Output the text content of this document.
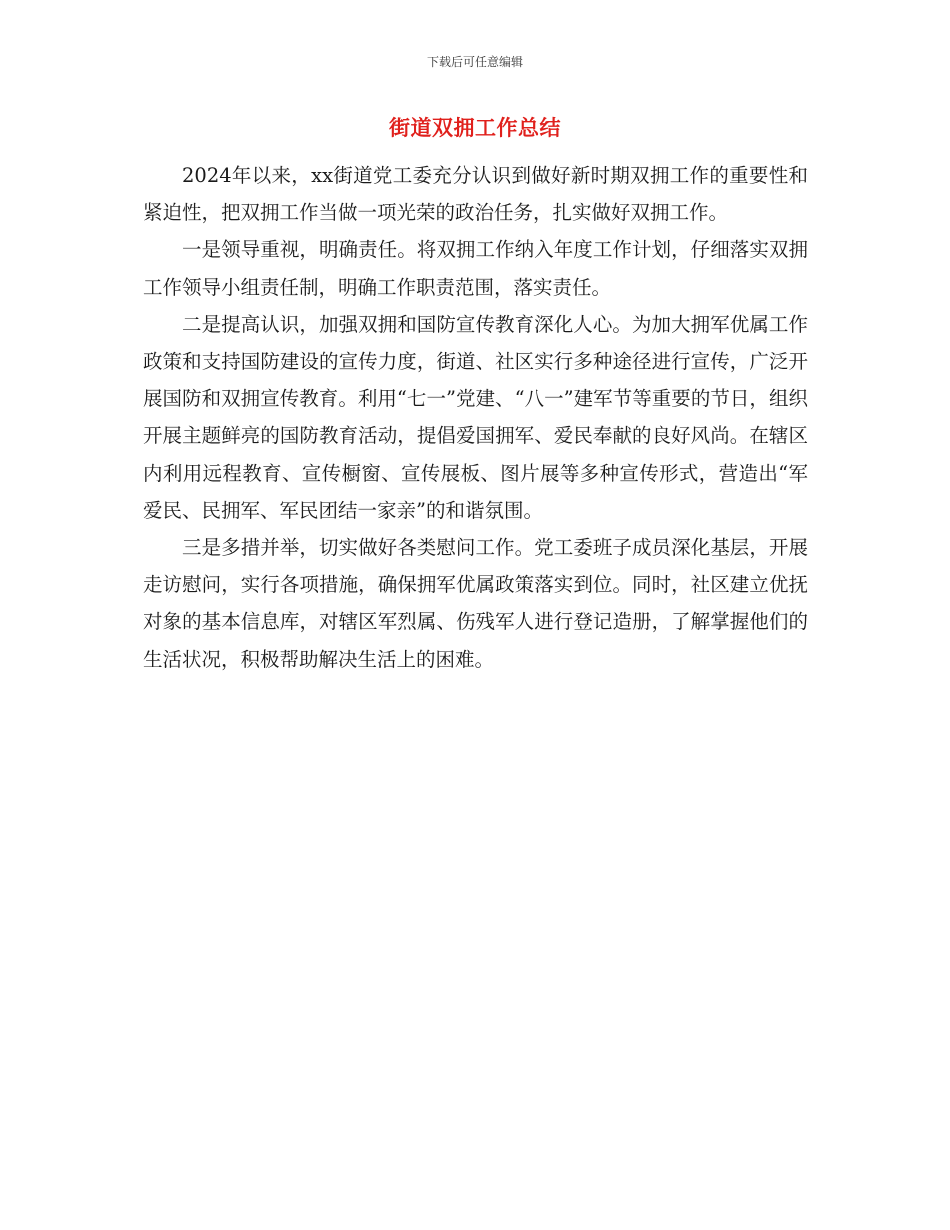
下载后可任意编辑
街道双拥工作总结

2024年以来，xx街道党工委充分认识到做好新时期双拥工作的重要性和紧迫性，把双拥工作当做一项光荣的政治任务，扎实做好双拥工作。

一是领导重视，明确责任。将双拥工作纳入年度工作计划，仔细落实双拥工作领导小组责任制，明确工作职责范围，落实责任。

二是提高认识，加强双拥和国防宣传教育深化人心。为加大拥军优属工作政策和支持国防建设的宣传力度，街道、社区实行多种途径进行宣传，广泛开展国防和双拥宣传教育。利用“七一”党建、“八一”建军节等重要的节日，组织开展主题鲜亮的国防教育活动，提倡爱国拥军、爱民奉献的良好风尚。在辖区内利用远程教育、宣传橱窗、宣传展板、图片展等多种宣传形式，营造出“军爱民、民拥军、军民团结一家亲”的和谐氛围。

三是多措并举，切实做好各类慰问工作。党工委班子成员深化基层，开展走访慰问，实行各项措施，确保拥军优属政策落实到位。同时，社区建立优抚对象的基本信息库，对辖区军烈属、伤残军人进行登记造册，了解掌握他们的生活状况，积极帮助解决生活上的困难。
